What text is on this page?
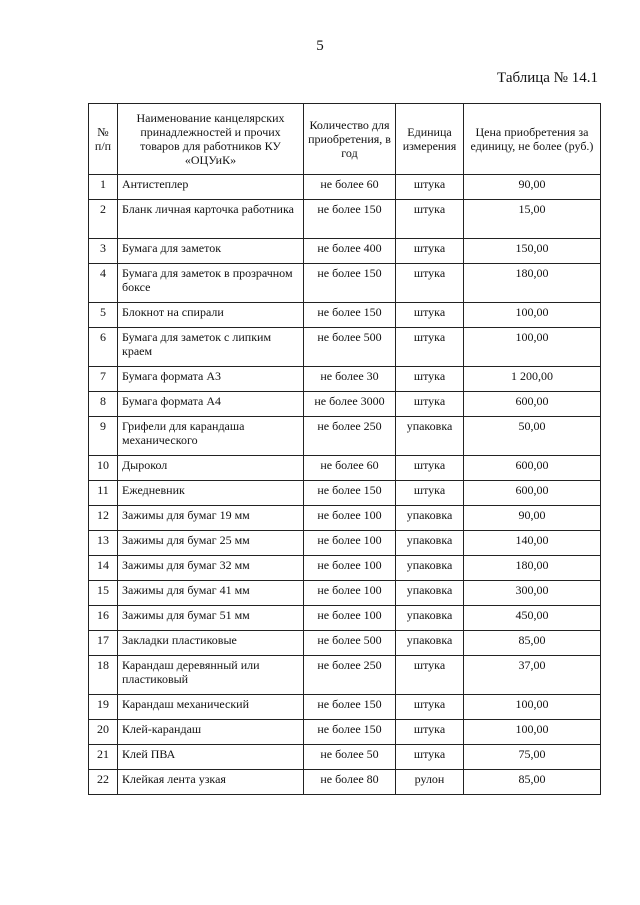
5
Таблица № 14.1
№ п/п	Наименование канцелярских принадлежностей и прочих товаров для работников КУ «ОЦУиК»	Количество для приобретения, в год	Единица измерения	Цена приобретения за единицу, не более (руб.)
1	Антистеплер	не более 60	штука	90,00
2	Бланк личная карточка работника	не более 150	штука	15,00
3	Бумага для заметок	не более 400	штука	150,00
4	Бумага для заметок в прозрачном боксе	не более 150	штука	180,00
5	Блокнот на спирали	не более 150	штука	100,00
6	Бумага для заметок с липким краем	не более 500	штука	100,00
7	Бумага формата А3	не более 30	штука	1 200,00
8	Бумага формата А4	не более 3000	штука	600,00
9	Грифели для карандаша механического	не более 250	упаковка	50,00
10	Дырокол	не более 60	штука	600,00
11	Ежедневник	не более 150	штука	600,00
12	Зажимы для бумаг 19 мм	не более 100	упаковка	90,00
13	Зажимы для бумаг 25 мм	не более 100	упаковка	140,00
14	Зажимы для бумаг 32 мм	не более 100	упаковка	180,00
15	Зажимы для бумаг 41 мм	не более 100	упаковка	300,00
16	Зажимы для бумаг 51 мм	не более 100	упаковка	450,00
17	Закладки пластиковые	не более 500	упаковка	85,00
18	Карандаш деревянный или пластиковый	не более 250	штука	37,00
19	Карандаш механический	не более 150	штука	100,00
20	Клей-карандаш	не более 150	штука	100,00
21	Клей ПВА	не более 50	штука	75,00
22	Клейкая лента узкая	не более 80	рулон	85,00
